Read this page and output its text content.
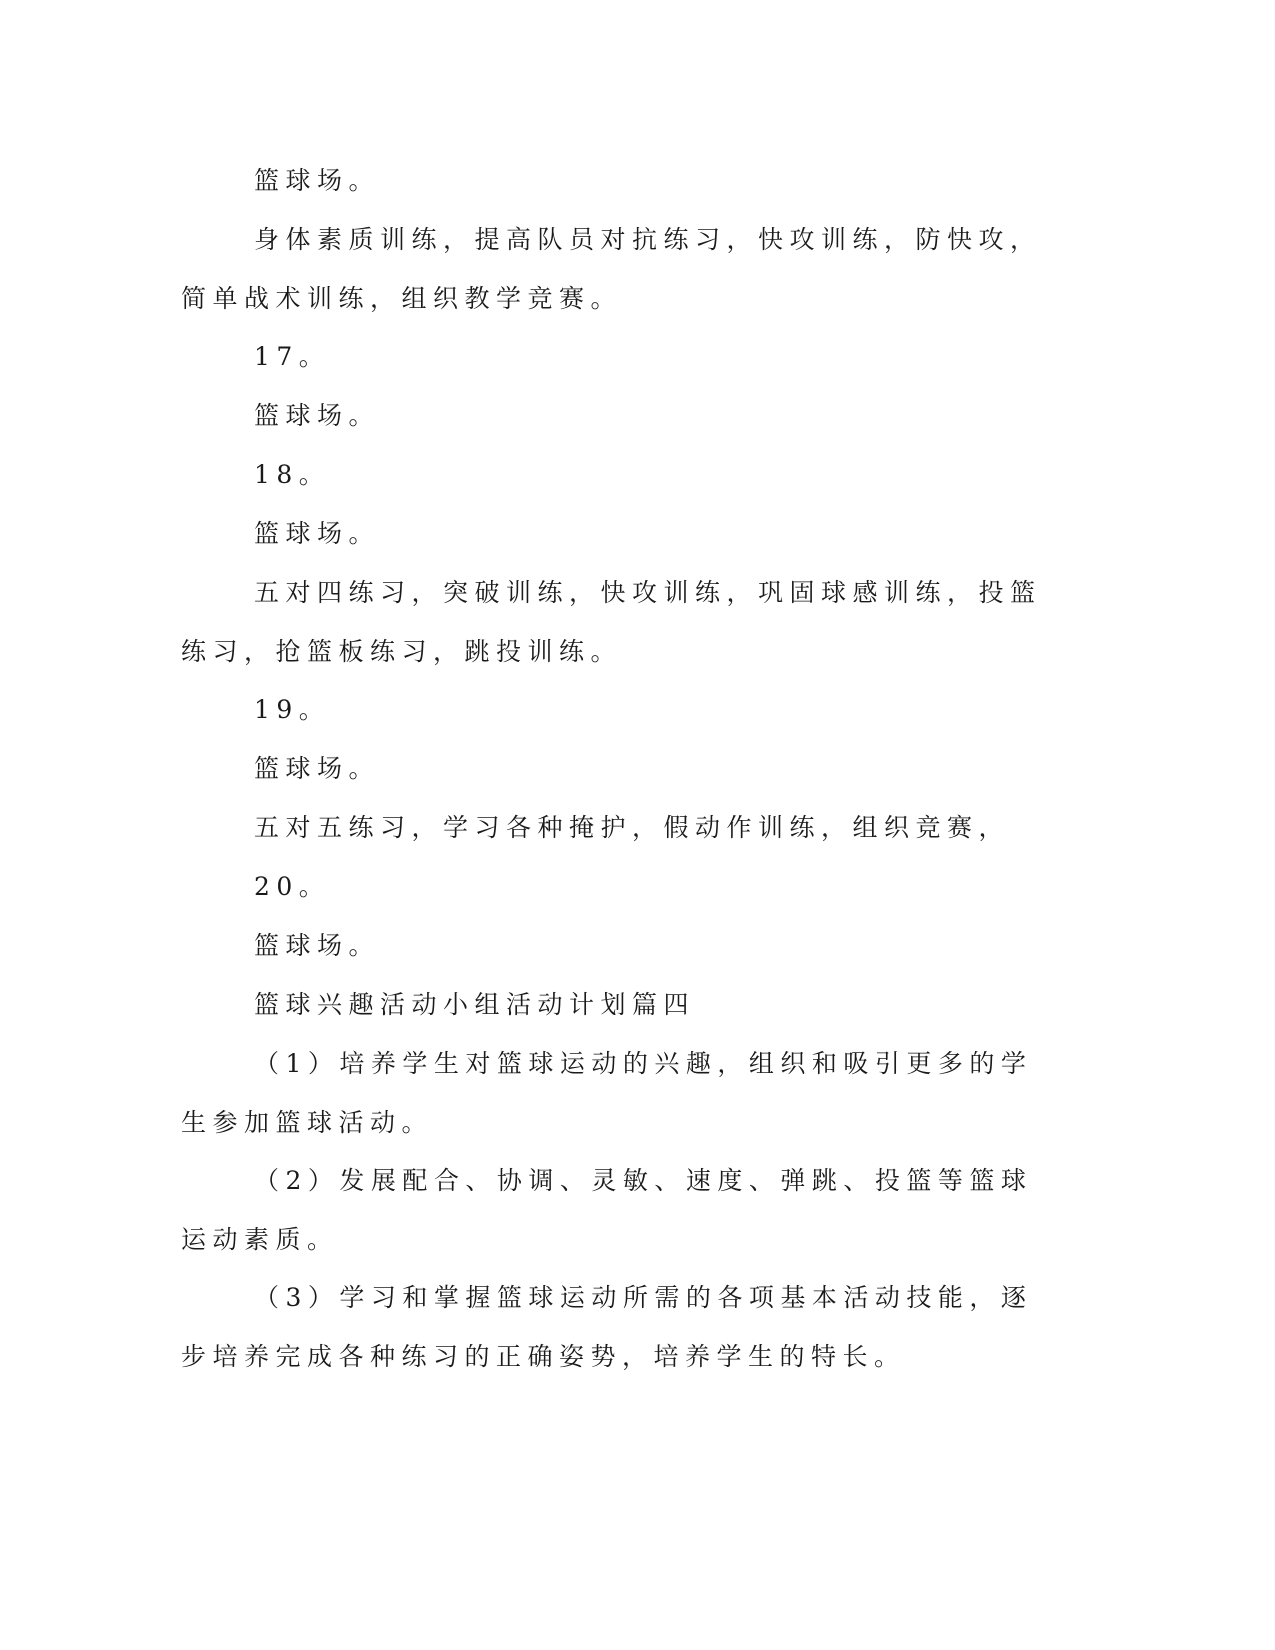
篮球场。
身体素质训练，提高队员对抗练习，快攻训练，防快攻，简单战术训练，组织教学竞赛。
17。
篮球场。
18。
篮球场。
五对四练习，突破训练，快攻训练，巩固球感训练，投篮练习，抢篮板练习，跳投训练。
19。
篮球场。
五对五练习，学习各种掩护，假动作训练，组织竞赛，
20。
篮球场。
篮球兴趣活动小组活动计划篇四
（1）培养学生对篮球运动的兴趣，组织和吸引更多的学生参加篮球活动。
（2）发展配合、协调、灵敏、速度、弹跳、投篮等篮球运动素质。
（3）学习和掌握篮球运动所需的各项基本活动技能，逐步培养完成各种练习的正确姿势，培养学生的特长。
